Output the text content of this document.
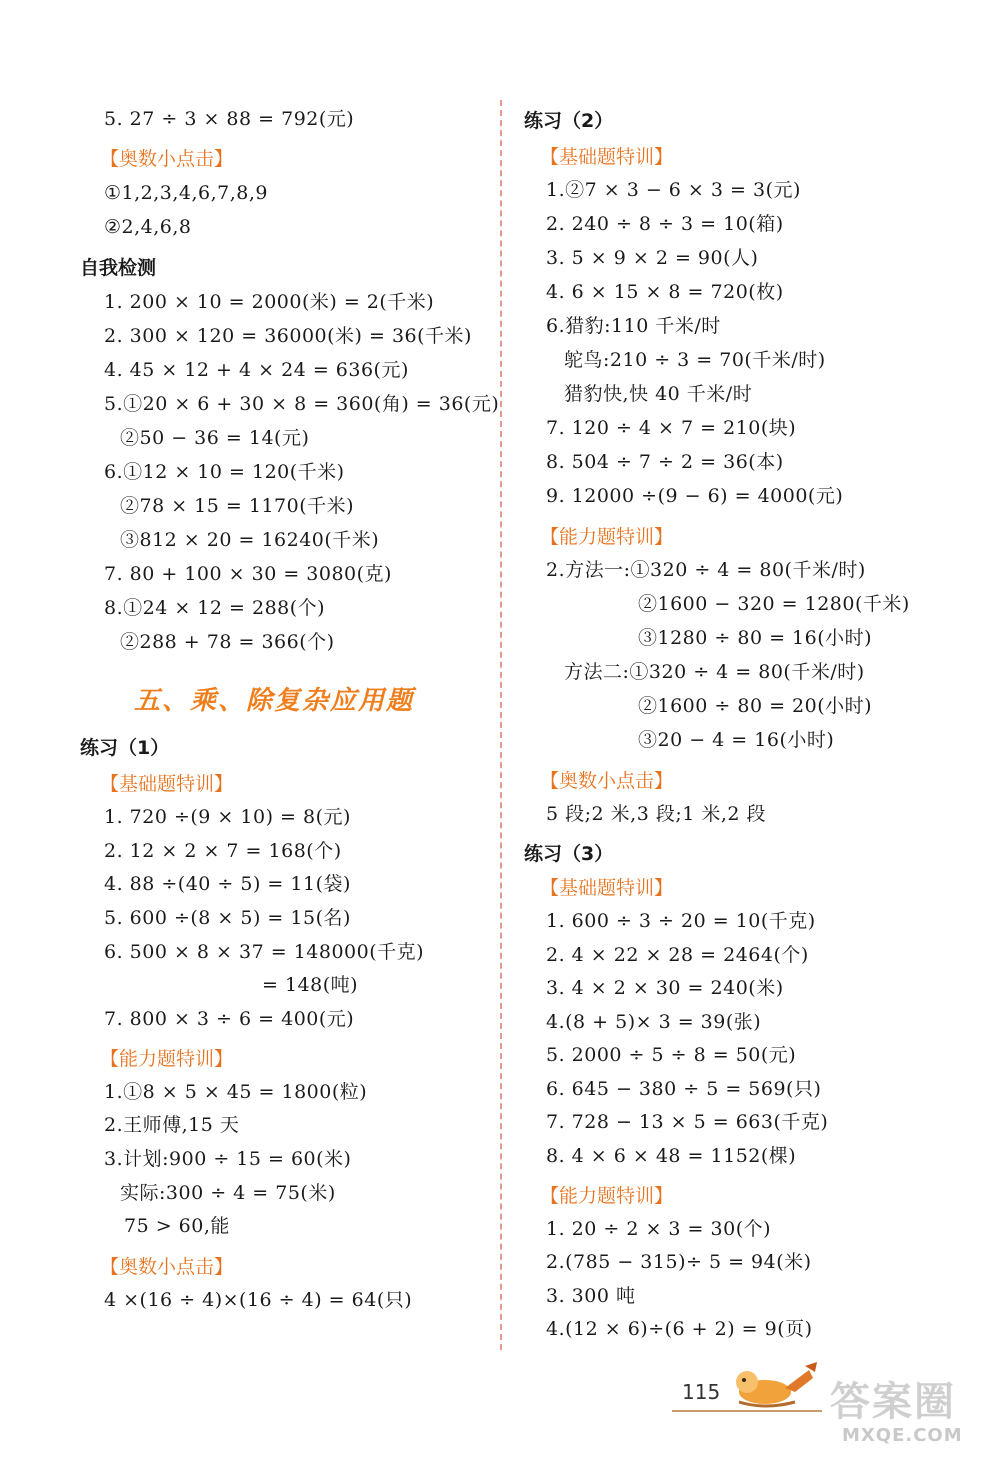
5. 27 ÷ 3 × 88 = 792(元)
【奥数小点击】
①1,2,3,4,6,7,8,9
②2,4,6,8
自我检测
1. 200 × 10 = 2000(米) = 2(千米)
2. 300 × 120 = 36000(米) = 36(千米)
4. 45 × 12 + 4 × 24 = 636(元)
5.①20 × 6 + 30 × 8 = 360(角) = 36(元)
②50 − 36 = 14(元)
6.①12 × 10 = 120(千米)
②78 × 15 = 1170(千米)
③812 × 20 = 16240(千米)
7. 80 + 100 × 30 = 3080(克)
8.①24 × 12 = 288(个)
②288 + 78 = 366(个)
五、乘、除复杂应用题
练习（1）
【基础题特训】
1. 720 ÷(9 × 10) = 8(元)
2. 12 × 2 × 7 = 168(个)
4. 88 ÷(40 ÷ 5) = 11(袋)
5. 600 ÷(8 × 5) = 15(名)
6. 500 × 8 × 37 = 148000(千克)
= 148(吨)
7. 800 × 3 ÷ 6 = 400(元)
【能力题特训】
1.①8 × 5 × 45 = 1800(粒)
2.王师傅,15 天
3.计划:900 ÷ 15 = 60(米)
实际:300 ÷ 4 = 75(米)
75 > 60,能
【奥数小点击】
4 ×(16 ÷ 4)×(16 ÷ 4) = 64(只)
练习（2）
【基础题特训】
1.②7 × 3 − 6 × 3 = 3(元)
2. 240 ÷ 8 ÷ 3 = 10(箱)
3. 5 × 9 × 2 = 90(人)
4. 6 × 15 × 8 = 720(枚)
6.猎豹:110 千米/时
鸵鸟:210 ÷ 3 = 70(千米/时)
猎豹快,快 40 千米/时
7. 120 ÷ 4 × 7 = 210(块)
8. 504 ÷ 7 ÷ 2 = 36(本)
9. 12000 ÷(9 − 6) = 4000(元)
【能力题特训】
2.方法一:①320 ÷ 4 = 80(千米/时)
②1600 − 320 = 1280(千米)
③1280 ÷ 80 = 16(小时)
方法二:①320 ÷ 4 = 80(千米/时)
②1600 ÷ 80 = 20(小时)
③20 − 4 = 16(小时)
【奥数小点击】
5 段;2 米,3 段;1 米,2 段
练习（3）
【基础题特训】
1. 600 ÷ 3 ÷ 20 = 10(千克)
2. 4 × 22 × 28 = 2464(个)
3. 4 × 2 × 30 = 240(米)
4.(8 + 5)× 3 = 39(张)
5. 2000 ÷ 5 ÷ 8 = 50(元)
6. 645 − 380 ÷ 5 = 569(只)
7. 728 − 13 × 5 = 663(千克)
8. 4 × 6 × 48 = 1152(棵)
【能力题特训】
1. 20 ÷ 2 × 3 = 30(个)
2.(785 − 315)÷ 5 = 94(米)
3. 300 吨
4.(12 × 6)÷(6 + 2) = 9(页)
115	答案圈
MXQE.COM
